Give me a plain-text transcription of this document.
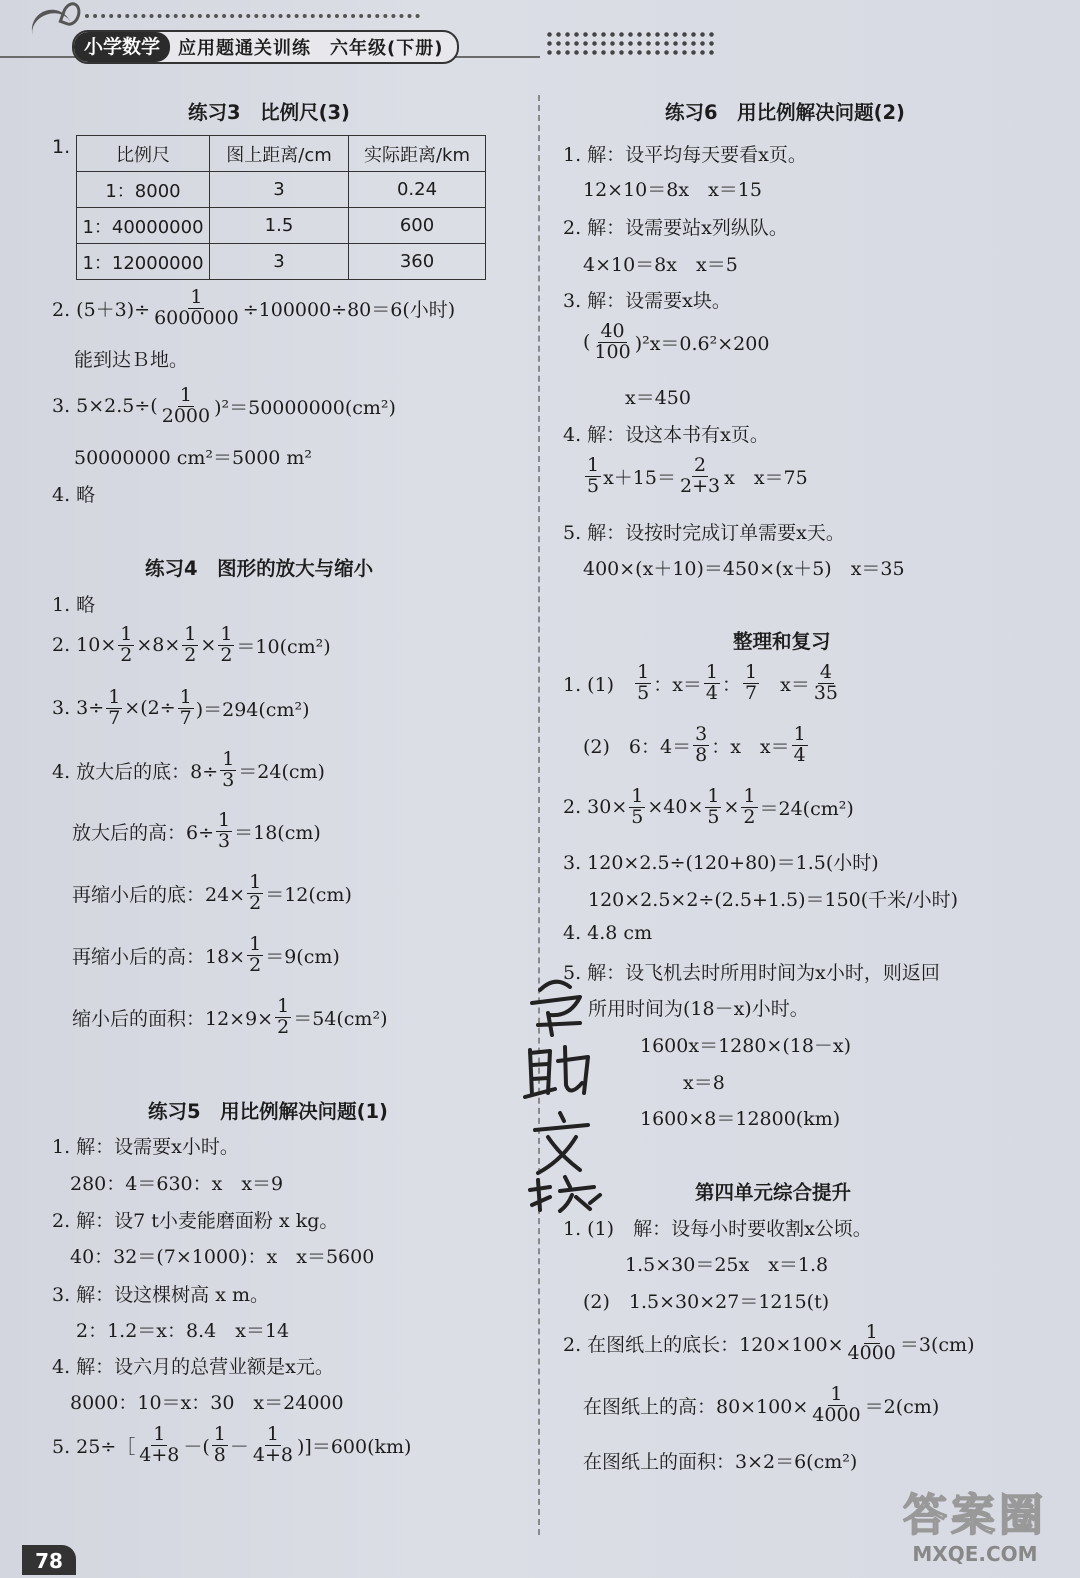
小学数学	应用题通关训练　六年级(下册)
练习3　比例尺(3)
1.	比例尺	图上距离/cm	实际距离/km
1：8000	3	0.24
1：40000000	1.5	600
1：12000000	3	360
2. $(5+3)\div \frac{1}{6000000} \div 100000\div 80=6$(小时)
能到达Ｂ地。
3. 5×2.5÷(
1
2000 )²＝50000000(cm²)
50000000 cm²＝5000 m²
4. 略
练习4　图形的放大与缩小
1. 略
2. $10\times \frac{1}{2} \times 8\times \frac{1}{2} \times \frac{1}{2} =10(cm^2)$
3. $3\div \frac{1}{7} \times(2\div \frac{1}{7} )=294(cm^2)$
4. 放大后的底：$8\div \frac{1}{3} =24(cm)$
放大后的高：$6\div \frac{1}{3} =18(cm)$
再缩小后的底：$24\times \frac{1}{2} =12(cm)$
再缩小后的高：$18\times \frac{1}{2} =9(cm)$
缩小后的面积：$12\times 9\times \frac{1}{2} =54(cm^2)$
练习5　用比例解决问题(1)
1. 解：设需要x小时。
280：4＝630：x　x＝9
2. 解：设7 t小麦能磨面粉 x kg。
40：32＝(7×1000)：x　x＝5600
3. 解：设这棵树高 x m。
2：1.2＝x：8.4　x＝14
4. 解：设六月的总营业额是x元。
8000：10＝x：30　x＝24000
5. 25÷［
1
4+8 －(
1
8 －
1
4+8 )]＝600(km)
练习6　用比例解决问题(2)
1. 解：设平均每天要看x页。
12×10＝8x　x＝15
2. 解：设需要站x列纵队。
4×10＝8x　x＝5
3. 解：设需要x块。
(
40
100 )²x＝0.6²×200
x＝450
4. 解：设这本书有x页。
1
5 x＋15＝
2
2+3 x　x＝75
5. 解：设按时完成订单需要x天。
400×(x＋10)＝450×(x＋5)　x＝35
整理和复习
1. (1)　
1
5 ：x＝
1
4 ：
1
7 　x＝
4
35
(2)　6：4＝
3
8 ：x　x＝
1
4
2. $30\times \frac{1}{5} \times 40\times \frac{1}{5} \times \frac{1}{2} =24(cm^2)$
3. 120×2.5÷(120+80)＝1.5(小时)
120×2.5×2÷(2.5+1.5)＝150(千米/小时)
4. 4.8 cm
5. 解：设飞机去时所用时间为x小时，则返回
所用时间为(18－x)小时。
1600x＝1280×(18－x)
x＝8
1600×8＝12800(km)
第四单元综合提升
1. (1)　解：设每小时要收割x公顷。
1.5×30＝25x　x＝1.8
(2)　1.5×30×27＝1215(t)
2. 在图纸上的底长：$120\times 100\times \frac{1}{4000} =3(cm)$
在图纸上的高：$80\times 100\times \frac{1}{4000} =2(cm)$
在图纸上的面积：3×2＝6(cm²)
78
答案圈
MXQE.COM
